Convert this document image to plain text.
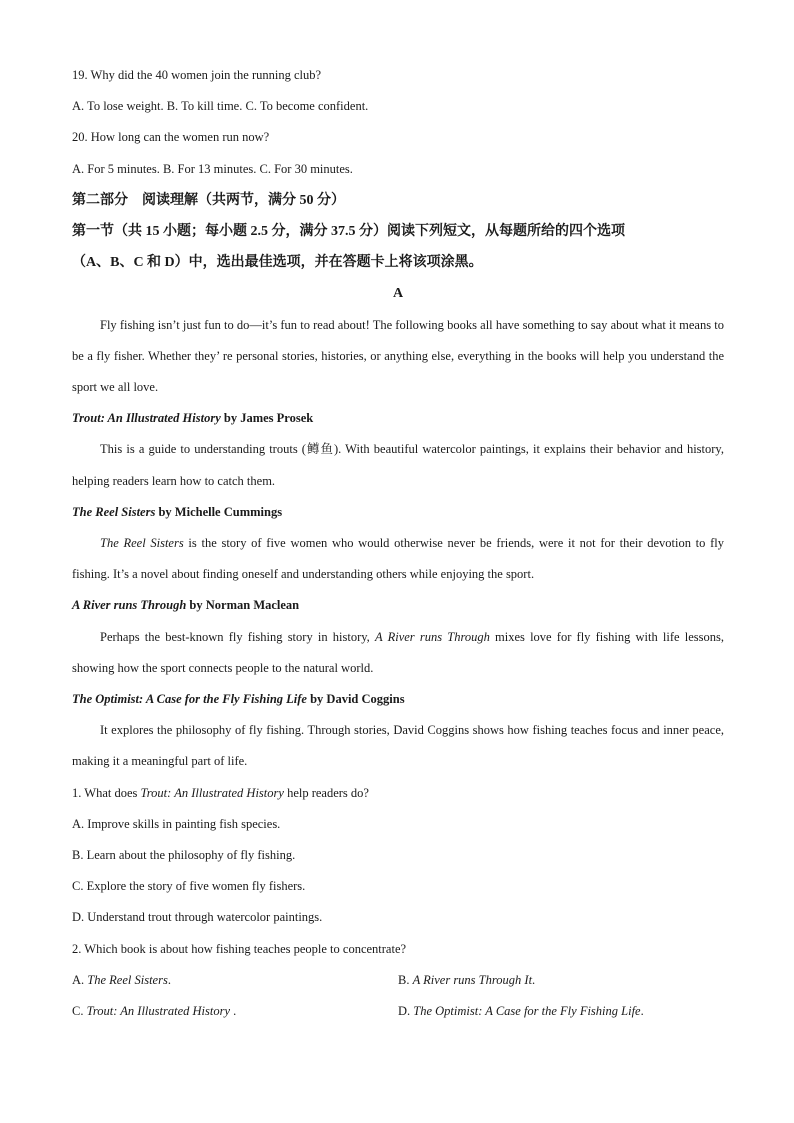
19. Why did the 40 women join the running club?
A. To lose weight. B. To kill time. C. To become confident.
20. How long can the women run now?
A. For 5 minutes. B. For 13 minutes. C. For 30 minutes.
第二部分　阅读理解（共两节，满分 50 分）
第一节（共 15 小题；每小题 2.5 分，满分 37.5 分）阅读下列短文，从每题所给的四个选项
（A、B、C 和 D）中，选出最佳选项，并在答题卡上将该项涂黑。
A

Fly fishing isn’t just fun to do—it’s fun to read about! The following books all have something to say about what it means to be a fly fisher. Whether they’ re personal stories, histories, or anything else, everything in the books will help you understand the sport we all love.

Trout: An Illustrated History by James Prosek

This is a guide to understanding trouts (鳟鱼). With beautiful watercolor paintings, it explains their behavior and history, helping readers learn how to catch them.

The Reel Sisters by Michelle Cummings

The Reel Sisters is the story of five women who would otherwise never be friends, were it not for their devotion to fly fishing. It’s a novel about finding oneself and understanding others while enjoying the sport.

A River runs Through by Norman Maclean

Perhaps the best-known fly fishing story in history, A River runs Through mixes love for fly fishing with life lessons, showing how the sport connects people to the natural world.

The Optimist: A Case for the Fly Fishing Life by David Coggins

It explores the philosophy of fly fishing. Through stories, David Coggins shows how fishing teaches focus and inner peace, making it a meaningful part of life.

1. What does Trout: An Illustrated History help readers do?
A. Improve skills in painting fish species.
B. Learn about the philosophy of fly fishing.
C. Explore the story of five women fly fishers.
D. Understand trout through watercolor paintings.
2. Which book is about how fishing teaches people to concentrate?
A. The Reel Sisters.	B. A River runs Through It.
C. Trout: An Illustrated History .	D. The Optimist: A Case for the Fly Fishing Life.
